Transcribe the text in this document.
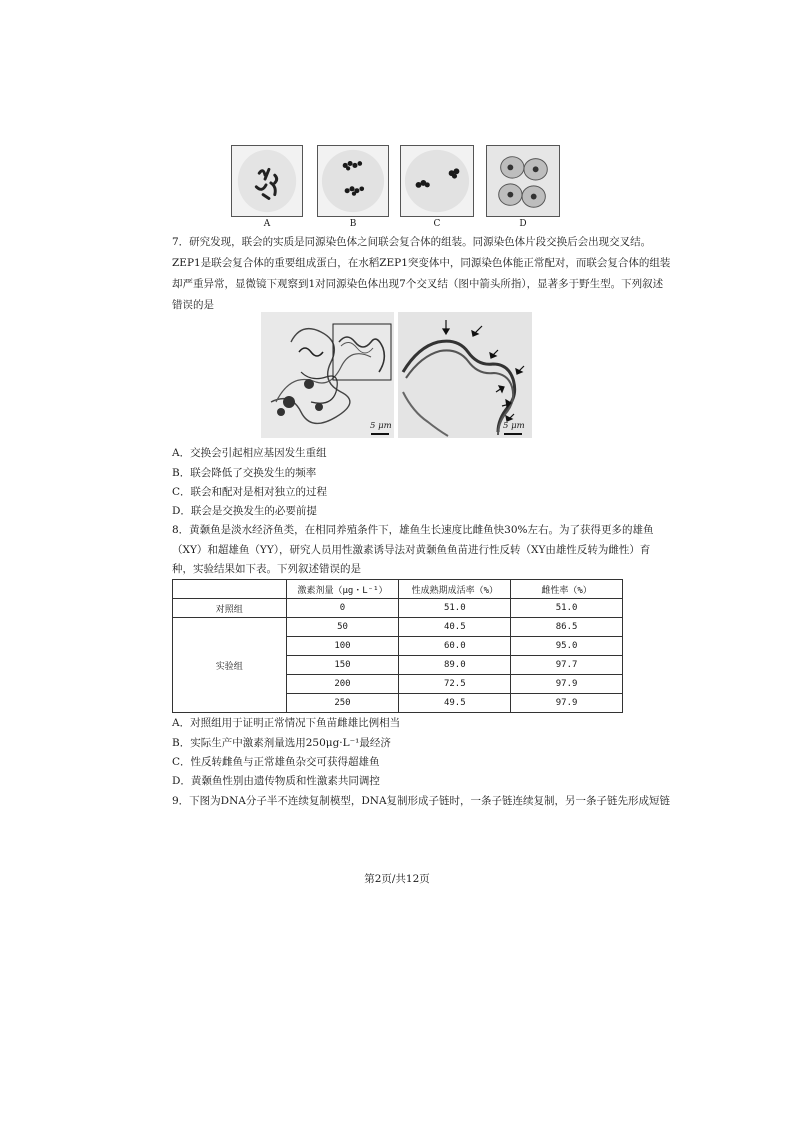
A	B	C	D
7．研究发现，联会的实质是同源染色体之间联会复合体的组装。同源染色体片段交换后会出现交叉结。
ZEP1是联会复合体的重要组成蛋白，在水稻ZEP1突变体中，同源染色体能正常配对，而联会复合体的组装
却严重异常，显微镜下观察到1对同源染色体出现7个交叉结（图中箭头所指），显著多于野生型。下列叙述
错误的是
5 μm	5 μm
A．交换会引起相应基因发生重组
B．联会降低了交换发生的频率
C．联会和配对是相对独立的过程
D．联会是交换发生的必要前提
8．黄颡鱼是淡水经济鱼类，在相同养殖条件下，雄鱼生长速度比雌鱼快30%左右。为了获得更多的雄鱼
（XY）和超雄鱼（YY），研究人员用性激素诱导法对黄颡鱼鱼苗进行性反转（XY由雄性反转为雌性）育
种，实验结果如下表。下列叙述错误的是
	激素剂量（μg・L⁻¹）	性成熟期成活率（%）	雌性率（%）
对照组	0	51.0	51.0
实验组	50	40.5	86.5
	100	60.0	95.0
	150	89.0	97.7
	200	72.5	97.9
	250	49.5	97.9
A．对照组用于证明正常情况下鱼苗雌雄比例相当
B．实际生产中激素剂量选用250μg·L⁻¹最经济
C．性反转雌鱼与正常雄鱼杂交可获得超雄鱼
D．黄颡鱼性别由遗传物质和性激素共同调控
9．下图为DNA分子半不连续复制模型，DNA复制形成子链时，一条子链连续复制，另一条子链先形成短链
第2页/共12页
